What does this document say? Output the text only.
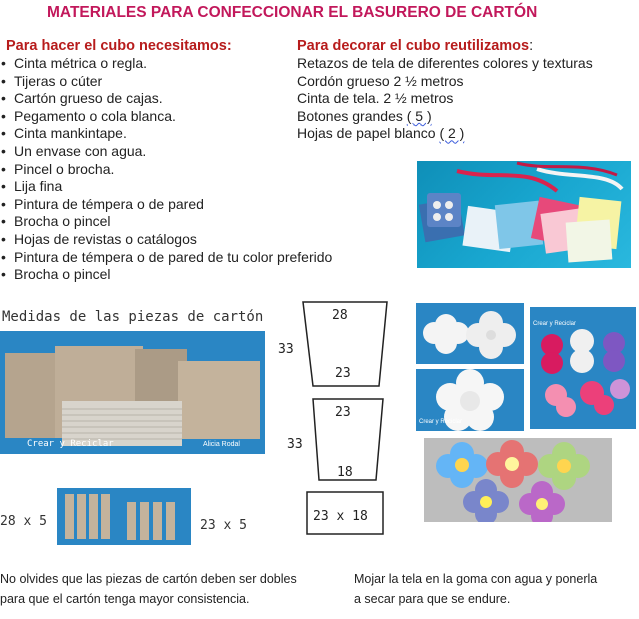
MATERIALES PARA CONFECCIONAR EL BASURERO DE CARTÓN
Para hacer el cubo necesitamos:
• Cinta métrica o regla.
• Tijeras o cúter
• Cartón grueso de cajas.
• Pegamento o cola blanca.
• Cinta mankintape.
• Un envase con agua.
• Pincel o brocha.
• Lija fina
• Pintura de témpera o de pared
• Brocha o pincel
• Hojas de revistas o catálogos
• Pintura de témpera o de pared de tu color preferido
• Brocha o pincel
Para decorar el cubo reutilizamos:
Retazos de tela de diferentes colores y texturas
Cordón grueso 2 ½ metros
Cinta de tela. 2 ½ metros
Botones grandes ( 5 )
Hojas de papel blanco ( 2 )
Medidas de las piezas de cartón
Crear y Reciclar	Alicia Rodal
28 x 5	23 x 5
28
23
33
23
18
33
23 x 18
Crear y Reciclar
Crear y Reciclar
No olvides que las piezas de cartón deben ser dobles
para que el cartón tenga mayor consistencia.
Mojar la tela en la goma con agua y ponerla
a secar para que se endure.
